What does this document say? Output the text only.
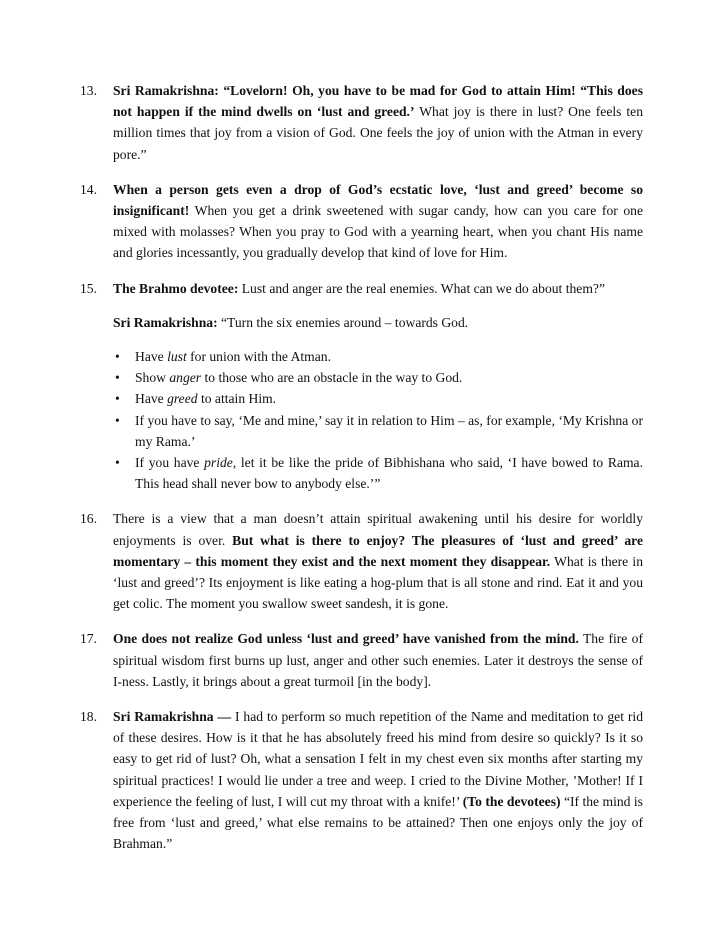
13. Sri Ramakrishna: “Lovelorn! Oh, you have to be mad for God to attain Him! “This does not happen if the mind dwells on ‘lust and greed.’ What joy is there in lust? One feels ten million times that joy from a vision of God. One feels the joy of union with the Atman in every pore.”

14. When a person gets even a drop of God’s ecstatic love, ‘lust and greed’ become so insignificant! When you get a drink sweetened with sugar candy, how can you care for one mixed with molasses? When you pray to God with a yearning heart, when you chant His name and glories incessantly, you gradually develop that kind of love for Him.

15. The Brahmo devotee: Lust and anger are the real enemies. What can we do about them?”

Sri Ramakrishna: “Turn the six enemies around – towards God.

• Have lust for union with the Atman.
• Show anger to those who are an obstacle in the way to God.
• Have greed to attain Him.
• If you have to say, ‘Me and mine,’ say it in relation to Him – as, for example, ‘My Krishna or my Rama.’
• If you have pride, let it be like the pride of Bibhishana who said, ‘I have bowed to Rama. This head shall never bow to anybody else.’”
16. There is a view that a man doesn’t attain spiritual awakening until his desire for worldly enjoyments is over. But what is there to enjoy? The pleasures of ‘lust and greed’ are momentary – this moment they exist and the next moment they disappear. What is there in ‘lust and greed’? Its enjoyment is like eating a hog-plum that is all stone and rind. Eat it and you get colic. The moment you swallow sweet sandesh, it is gone.

17. One does not realize God unless ‘lust and greed’ have vanished from the mind. The fire of spiritual wisdom first burns up lust, anger and other such enemies. Later it destroys the sense of I-ness. Lastly, it brings about a great turmoil [in the body].

18. Sri Ramakrishna — I had to perform so much repetition of the Name and meditation to get rid of these desires. How is it that he has absolutely freed his mind from desire so quickly? Is it so easy to get rid of lust? Oh, what a sensation I felt in my chest even six months after starting my spiritual practices! I would lie under a tree and weep. I cried to the Divine Mother, ’Mother! If I experience the feeling of lust, I will cut my throat with a knife!’ (To the devotees) “If the mind is free from ‘lust and greed,’ what else remains to be attained? Then one enjoys only the joy of Brahman.”
